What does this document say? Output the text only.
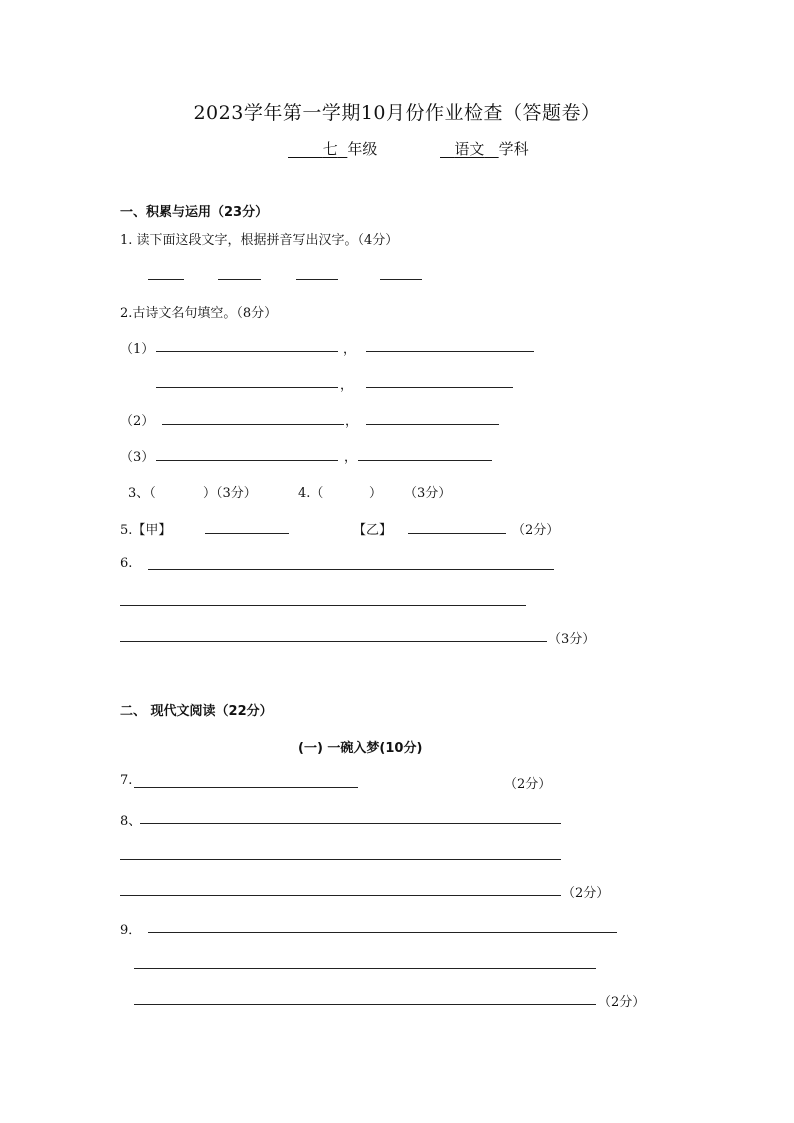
2023学年第一学期10月份作业检查（答题卷）
　　 七 年级	语文 学科
一、积累与运用（23分）
1. 读下面这段文字，根据拼音写出汉字。（4分）
2.古诗文名句填空。（8分）
（1）	，
，
（2）	，
（3）	，
3、（	）（3分）	4.（	） （3分）
5.【甲】	【乙】	（2分）
6.
（3分）
二、 现代文阅读（22分）
(一) 一碗入梦(10分)
7.	（2分）
8、
（2分）
9．
（2分）
